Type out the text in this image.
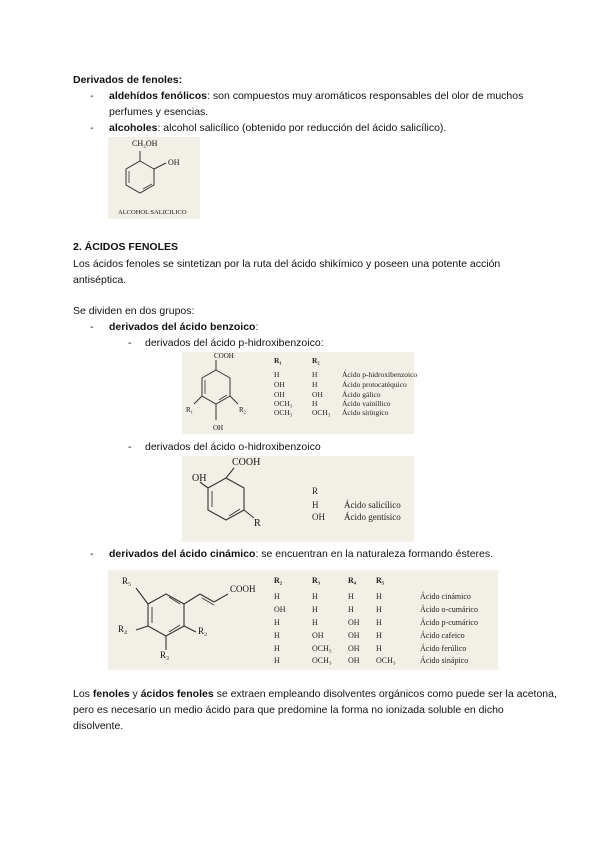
Derivados de fenoles:
- aldehídos fenólicos: son compuestos muy aromáticos responsables del olor de muchos
perfumes y esencias.
- alcoholes: alcohol salicílico (obtenido por reducción del ácido salicílico).
CH₂OH
OH
ALCOHOL SALICILICO
2. ÁCIDOS FENOLES
Los ácidos fenoles se sintetizan por la ruta del ácido shikímico y poseen una potente acción
antiséptica.
Se dividen en dos grupos:
- derivados del ácido benzoico:
- derivados del ácido p-hidroxibenzoico:
COOH
R₁	R₂
OH
R₁	R₂
H	H	Ácido p-hidroxibenzoico
OH	H	Ácido protocatéquico
OH	OH	Ácido gálico
OCH₃	H	Ácido vainíllico
OCH₃	OCH₃ Ácido siríngico
- derivados del ácido o-hidroxibenzoico
COOH
OH
R
R
H	Ácido salicílico
OH Ácido gentísico
- derivados del ácido cinámico: se encuentran en la naturaleza formando ésteres.
R₅
R₄
R₃
R₂
COOH
R₂	R₃	R₄ R₅
H	H	H	H	Ácido cinámico
OH	H	H	H	Ácido o-cumárico
H	H	OH H	Ácido p-cumárico
H	OH	OH H	Ácido cafeico
H	OCH₃ OH H	Ácido ferúlico
H	OCH₃ OH OCH₃	Ácido sinápico
Los fenoles y ácidos fenoles se extraen empleando disolventes orgánicos como puede ser la acetona,
pero es necesario un medio ácido para que predomine la forma no ionizada soluble en dicho
disolvente.
